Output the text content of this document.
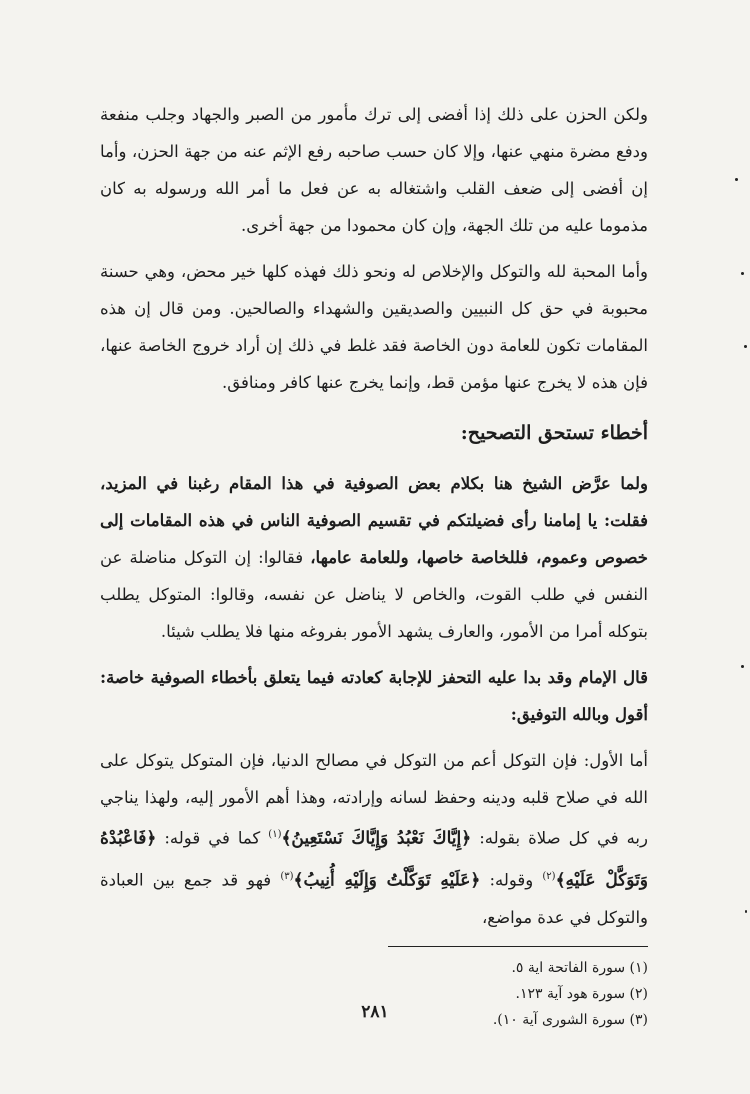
ولكن الحزن على ذلك إذا أفضى إلى ترك مأمور من الصبر والجهاد وجلب منفعة ودفع مضرة منهي عنها، وإلا كان حسب صاحبه رفع الإثم عنه من جهة الحزن، وأما إن أفضى إلى ضعف القلب واشتغاله به عن فعل ما أمر الله ورسوله به كان مذموما عليه من تلك الجهة، وإن كان محمودا من جهة أخرى.

وأما المحبة لله والتوكل والإخلاص له ونحو ذلك فهذه كلها خير محض، وهي حسنة محبوبة في حق كل النبيين والصديقين والشهداء والصالحين. ومن قال إن هذه المقامات تكون للعامة دون الخاصة فقد غلط في ذلك إن أراد خروج الخاصة عنها، فإن هذه لا يخرج عنها مؤمن قط، وإنما يخرج عنها كافر ومنافق.

أخطاء تستحق التصحيح:

ولما عرَّض الشيخ هنا بكلام بعض الصوفية في هذا المقام رغبنا في المزيد، فقلت: يا إمامنا رأى فضيلتكم في تقسيم الصوفية الناس في هذه المقامات إلى خصوص وعموم، فللخاصة خاصها، وللعامة عامها، فقالوا: إن التوكل مناضلة عن النفس في طلب القوت، والخاص لا يناضل عن نفسه، وقالوا: المتوكل يطلب بتوكله أمرا من الأمور، والعارف يشهد الأمور بفروغه منها فلا يطلب شيئا.

قال الإمام وقد بدا عليه التحفز للإجابة كعادته فيما يتعلق بأخطاء الصوفية خاصة: أقول وبالله التوفيق:

أما الأول: فإن التوكل أعم من التوكل في مصالح الدنيا، فإن المتوكل يتوكل على الله في صلاح قلبه ودينه وحفظ لسانه وإرادته، وهذا أهم الأمور إليه، ولهذا يناجي ربه في كل صلاة بقوله: ﴿إِيَّاكَ نَعْبُدُ وَإِيَّاكَ نَسْتَعِينُ﴾$^{(١)}$ كما في قوله: ﴿فَاعْبُدْهُ وَتَوَكَّلْ عَلَيْهِ﴾$^{(٢)}$ وقوله: ﴿عَلَيْهِ تَوَكَّلْتُ وَإِلَيْهِ أُنِيبُ﴾$^{(٣)}$ فهو قد جمع بين العبادة والتوكل في عدة مواضع،

(١) سورة الفاتحة اية ٥.

(٢) سورة هود آية ١٢٣.

(٣) سورة الشورى آية ١٠).

٢٨١
